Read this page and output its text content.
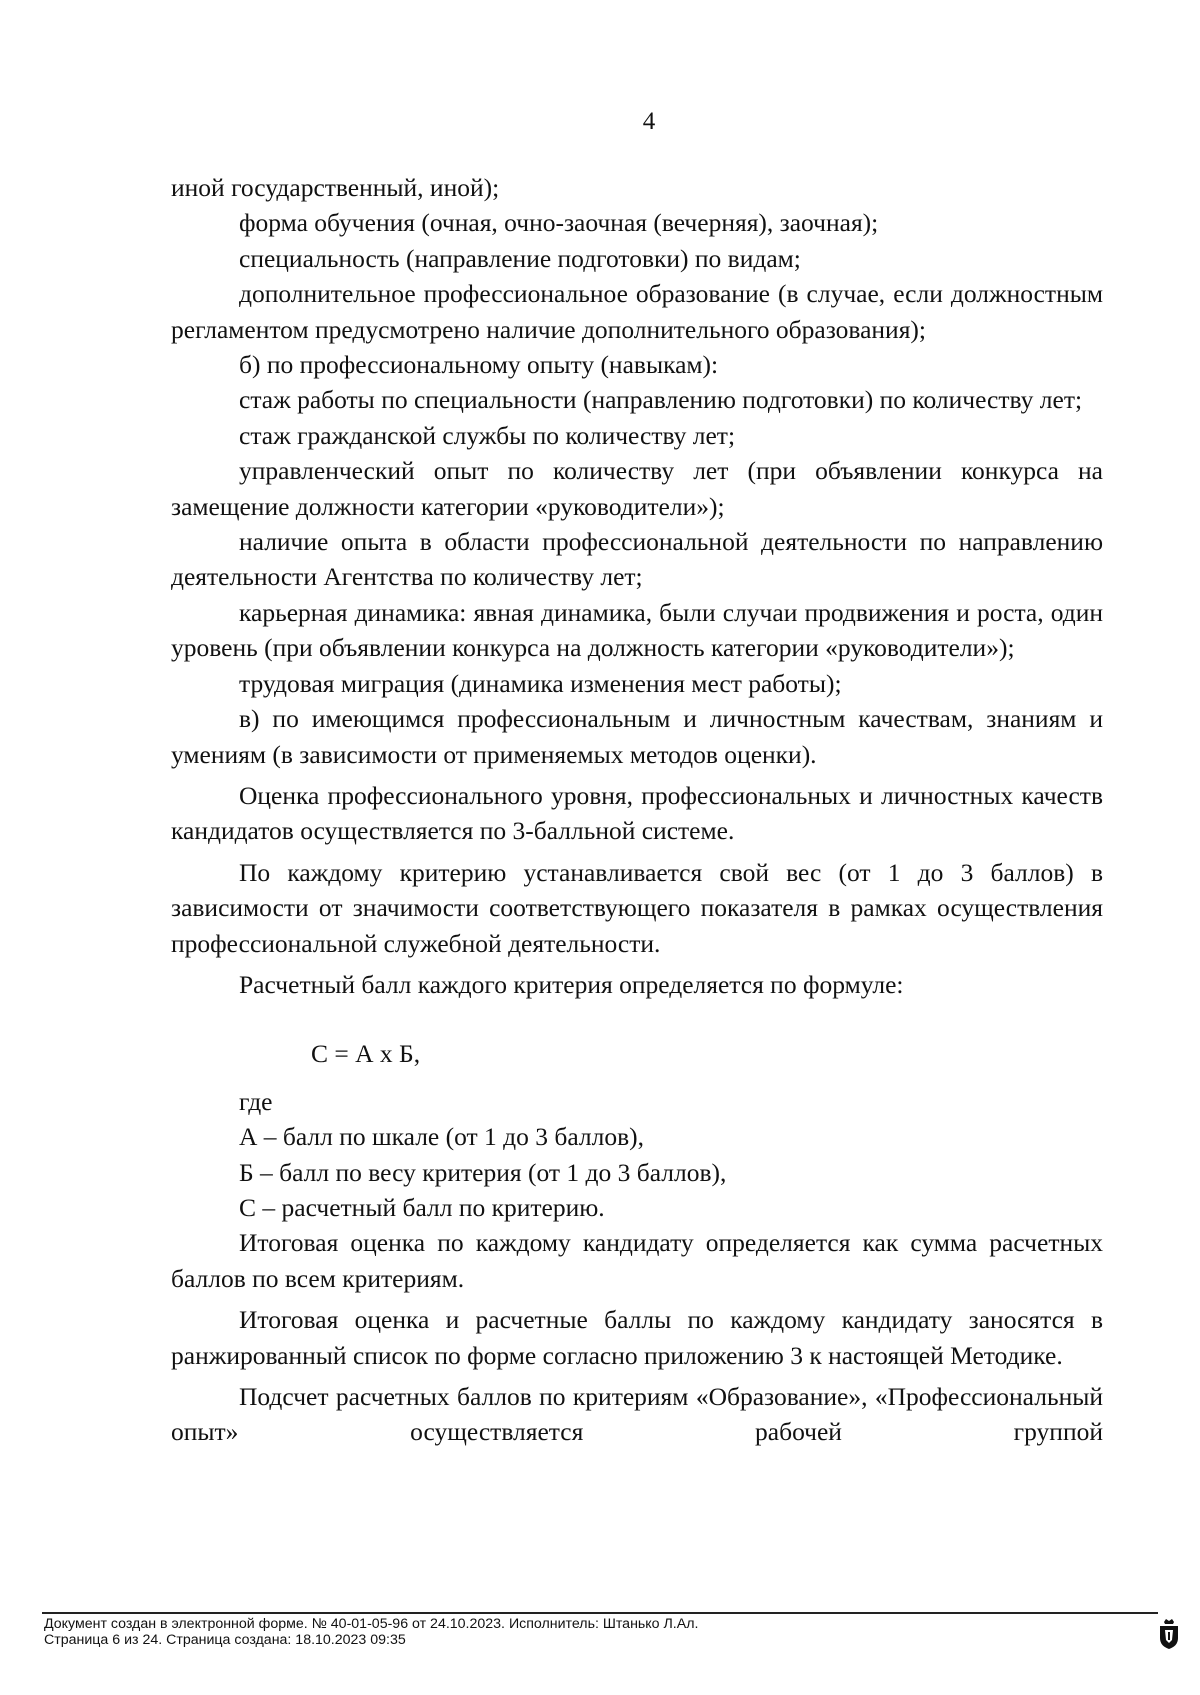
4

иной государственный, иной);

форма обучения (очная, очно-заочная (вечерняя), заочная);

специальность (направление подготовки) по видам;

дополнительное профессиональное образование (в случае, если должностным регламентом предусмотрено наличие дополнительного образования);

б) по профессиональному опыту (навыкам):

стаж работы по специальности (направлению подготовки) по количеству лет;

стаж гражданской службы по количеству лет;

управленческий опыт по количеству лет (при объявлении конкурса на замещение должности категории «руководители»);

наличие опыта в области профессиональной деятельности по направлению деятельности Агентства по количеству лет;

карьерная динамика: явная динамика, были случаи продвижения и роста, один уровень (при объявлении конкурса на должность категории «руководители»);

трудовая миграция (динамика изменения мест работы);

в) по имеющимся профессиональным и личностным качествам, знаниям и умениям (в зависимости от применяемых методов оценки).

Оценка профессионального уровня, профессиональных и личностных качеств кандидатов осуществляется по 3-балльной системе.

По каждому критерию устанавливается свой вес (от 1 до 3 баллов) в зависимости от значимости соответствующего показателя в рамках осуществления профессиональной служебной деятельности.

Расчетный балл каждого критерия определяется по формуле:

С = А х Б,

где

А – балл по шкале (от 1 до 3 баллов),

Б – балл по весу критерия (от 1 до 3 баллов),

С – расчетный балл по критерию.

Итоговая оценка по каждому кандидату определяется как сумма расчетных баллов по всем критериям.

Итоговая оценка и расчетные баллы по каждому кандидату заносятся в ранжированный список по форме согласно приложению 3 к настоящей Методике.

Подсчет расчетных баллов по критериям «Образование», «Профессиональный опыт» осуществляется рабочей группой

Документ создан в электронной форме. № 40-01-05-96 от 24.10.2023. Исполнитель: Штанько Л.Ал.
Страница 6 из 24. Страница создана: 18.10.2023 09:35
